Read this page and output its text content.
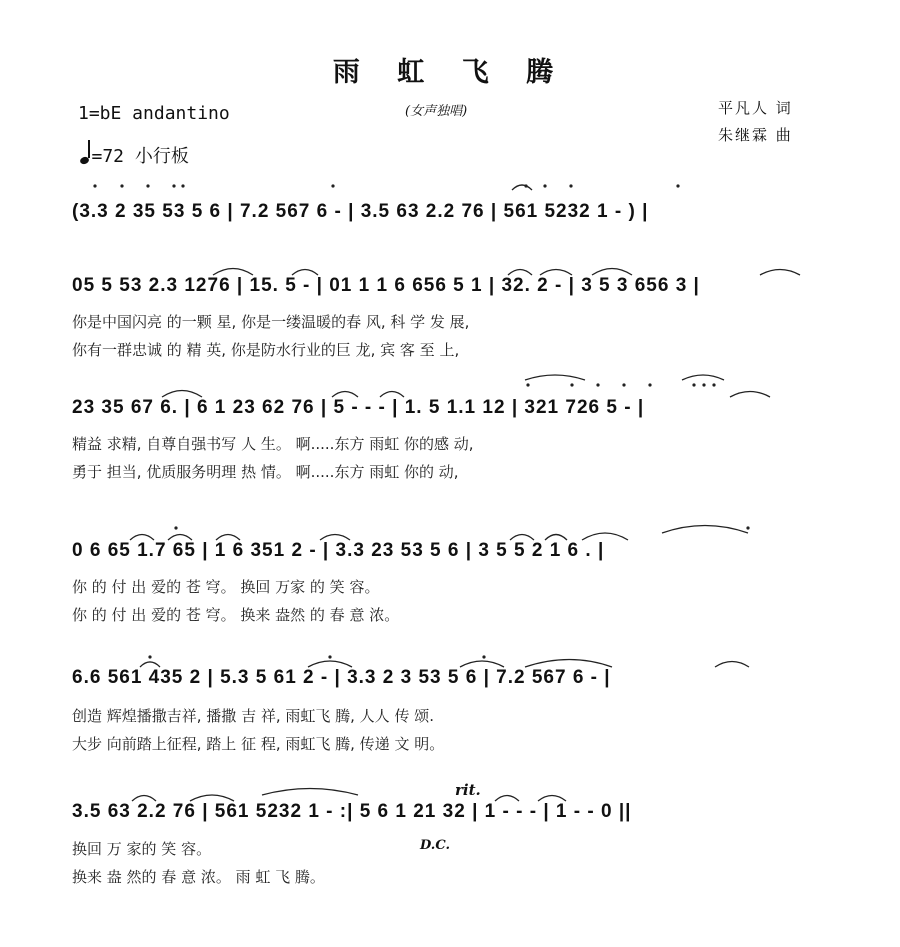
雨 虹 飞 腾
(女声独唱)
1=bE andantino
=72 小行板
平凡人 词
朱继霖 曲
(3.3 2 35 53 5 6 | 7.2 567 6 - | 3.5 63 2.2 76 | 561 5232 1 - ) |
05 5 53 2.3 1276 | 15. 5 - | 01 1 1 6 656 5 1 | 32. 2 - | 3 5 3 656 3 |
你是中国闪亮 的一颗 星, 你是一缕温暖的春 风, 科 学 发 展,
你有一群忠诚 的 精 英, 你是防水行业的巨 龙, 宾 客 至 上,
23 35 67 6. | 6 1 23 62 76 | 5 - - - | 1. 5 1.1 12 | 321 726 5 - |
精益 求精, 自尊自强书写 人 生。 啊.....东方 雨虹 你的感 动,
勇于 担当, 优质服务明理 热 情。 啊.....东方 雨虹 你的 动,
0 6 65 1.7 65 | 1 6 351 2 - | 3.3 23 53 5 6 | 3 5 5 2 1 6 . |
你 的 付 出 爱的 苍 穹。 换回 万家 的 笑 容。
你 的 付 出 爱的 苍 穹。 换来 盎然 的 春 意 浓。
6.6 561 435 2 | 5.3 5 61 2 - | 3.3 2 3 53 5 6 | 7.2 567 6 - |
创造 辉煌播撒吉祥, 播撒 吉 祥, 雨虹飞 腾, 人人 传 颂.
大步 向前踏上征程, 踏上 征 程, 雨虹飞 腾, 传递 文 明。
rit.
3.5 63 2.2 76 | 561 5232 1 - :| 5 6 1 21 32 | 1 - - - | 1 - - 0 ||
换回 万 家的 笑 容。	D.C.
换来 盎 然的 春 意 浓。 雨 虹 飞 腾。
